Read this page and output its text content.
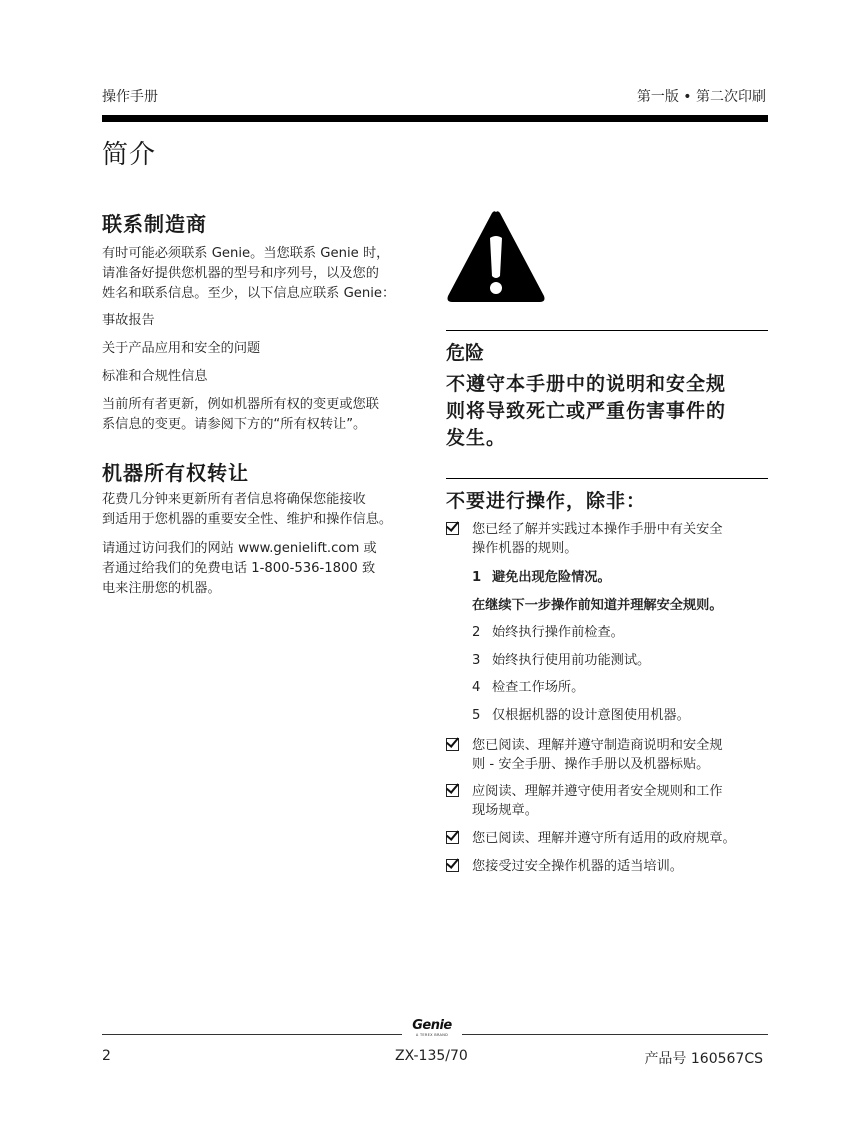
操作手册	第一版 • 第二次印刷
简介
联系制造商

有时可能必须联系 Genie。当您联系 Genie 时，

请准备好提供您机器的型号和序列号，以及您的

姓名和联系信息。至少，以下信息应联系 Genie：

事故报告
关于产品应用和安全的问题
标准和合规性信息

当前所有者更新，例如机器所有权的变更或您联

系信息的变更。请参阅下方的“所有权转让”。

机器所有权转让

花费几分钟来更新所有者信息将确保您能接收

到适用于您机器的重要安全性、维护和操作信息。

请通过访问我们的网站 www.genielift.com 或

者通过给我们的免费电话 1-800-536-1800 致

电来注册您的机器。

危险
不遵守本手册中的说明和安全规
则将导致死亡或严重伤害事件的
发生。
不要进行操作，除非：
您已经了解并实践过本操作手册中有关安全
操作机器的规则。
1 避免出现危险情况。
在继续下一步操作前知道并理解安全规则。
2 始终执行操作前检查。
3 始终执行使用前功能测试。
4 检查工作场所。
5 仅根据机器的设计意图使用机器。
您已阅读、理解并遵守制造商说明和安全规
则 - 安全手册、操作手册以及机器标贴。
应阅读、理解并遵守使用者安全规则和工作
现场规章。
您已阅读、理解并遵守所有适用的政府规章。
您接受过安全操作机器的适当培训。
Genie
A TEREX BRAND
2	ZX-135/70	产品号 160567CS
